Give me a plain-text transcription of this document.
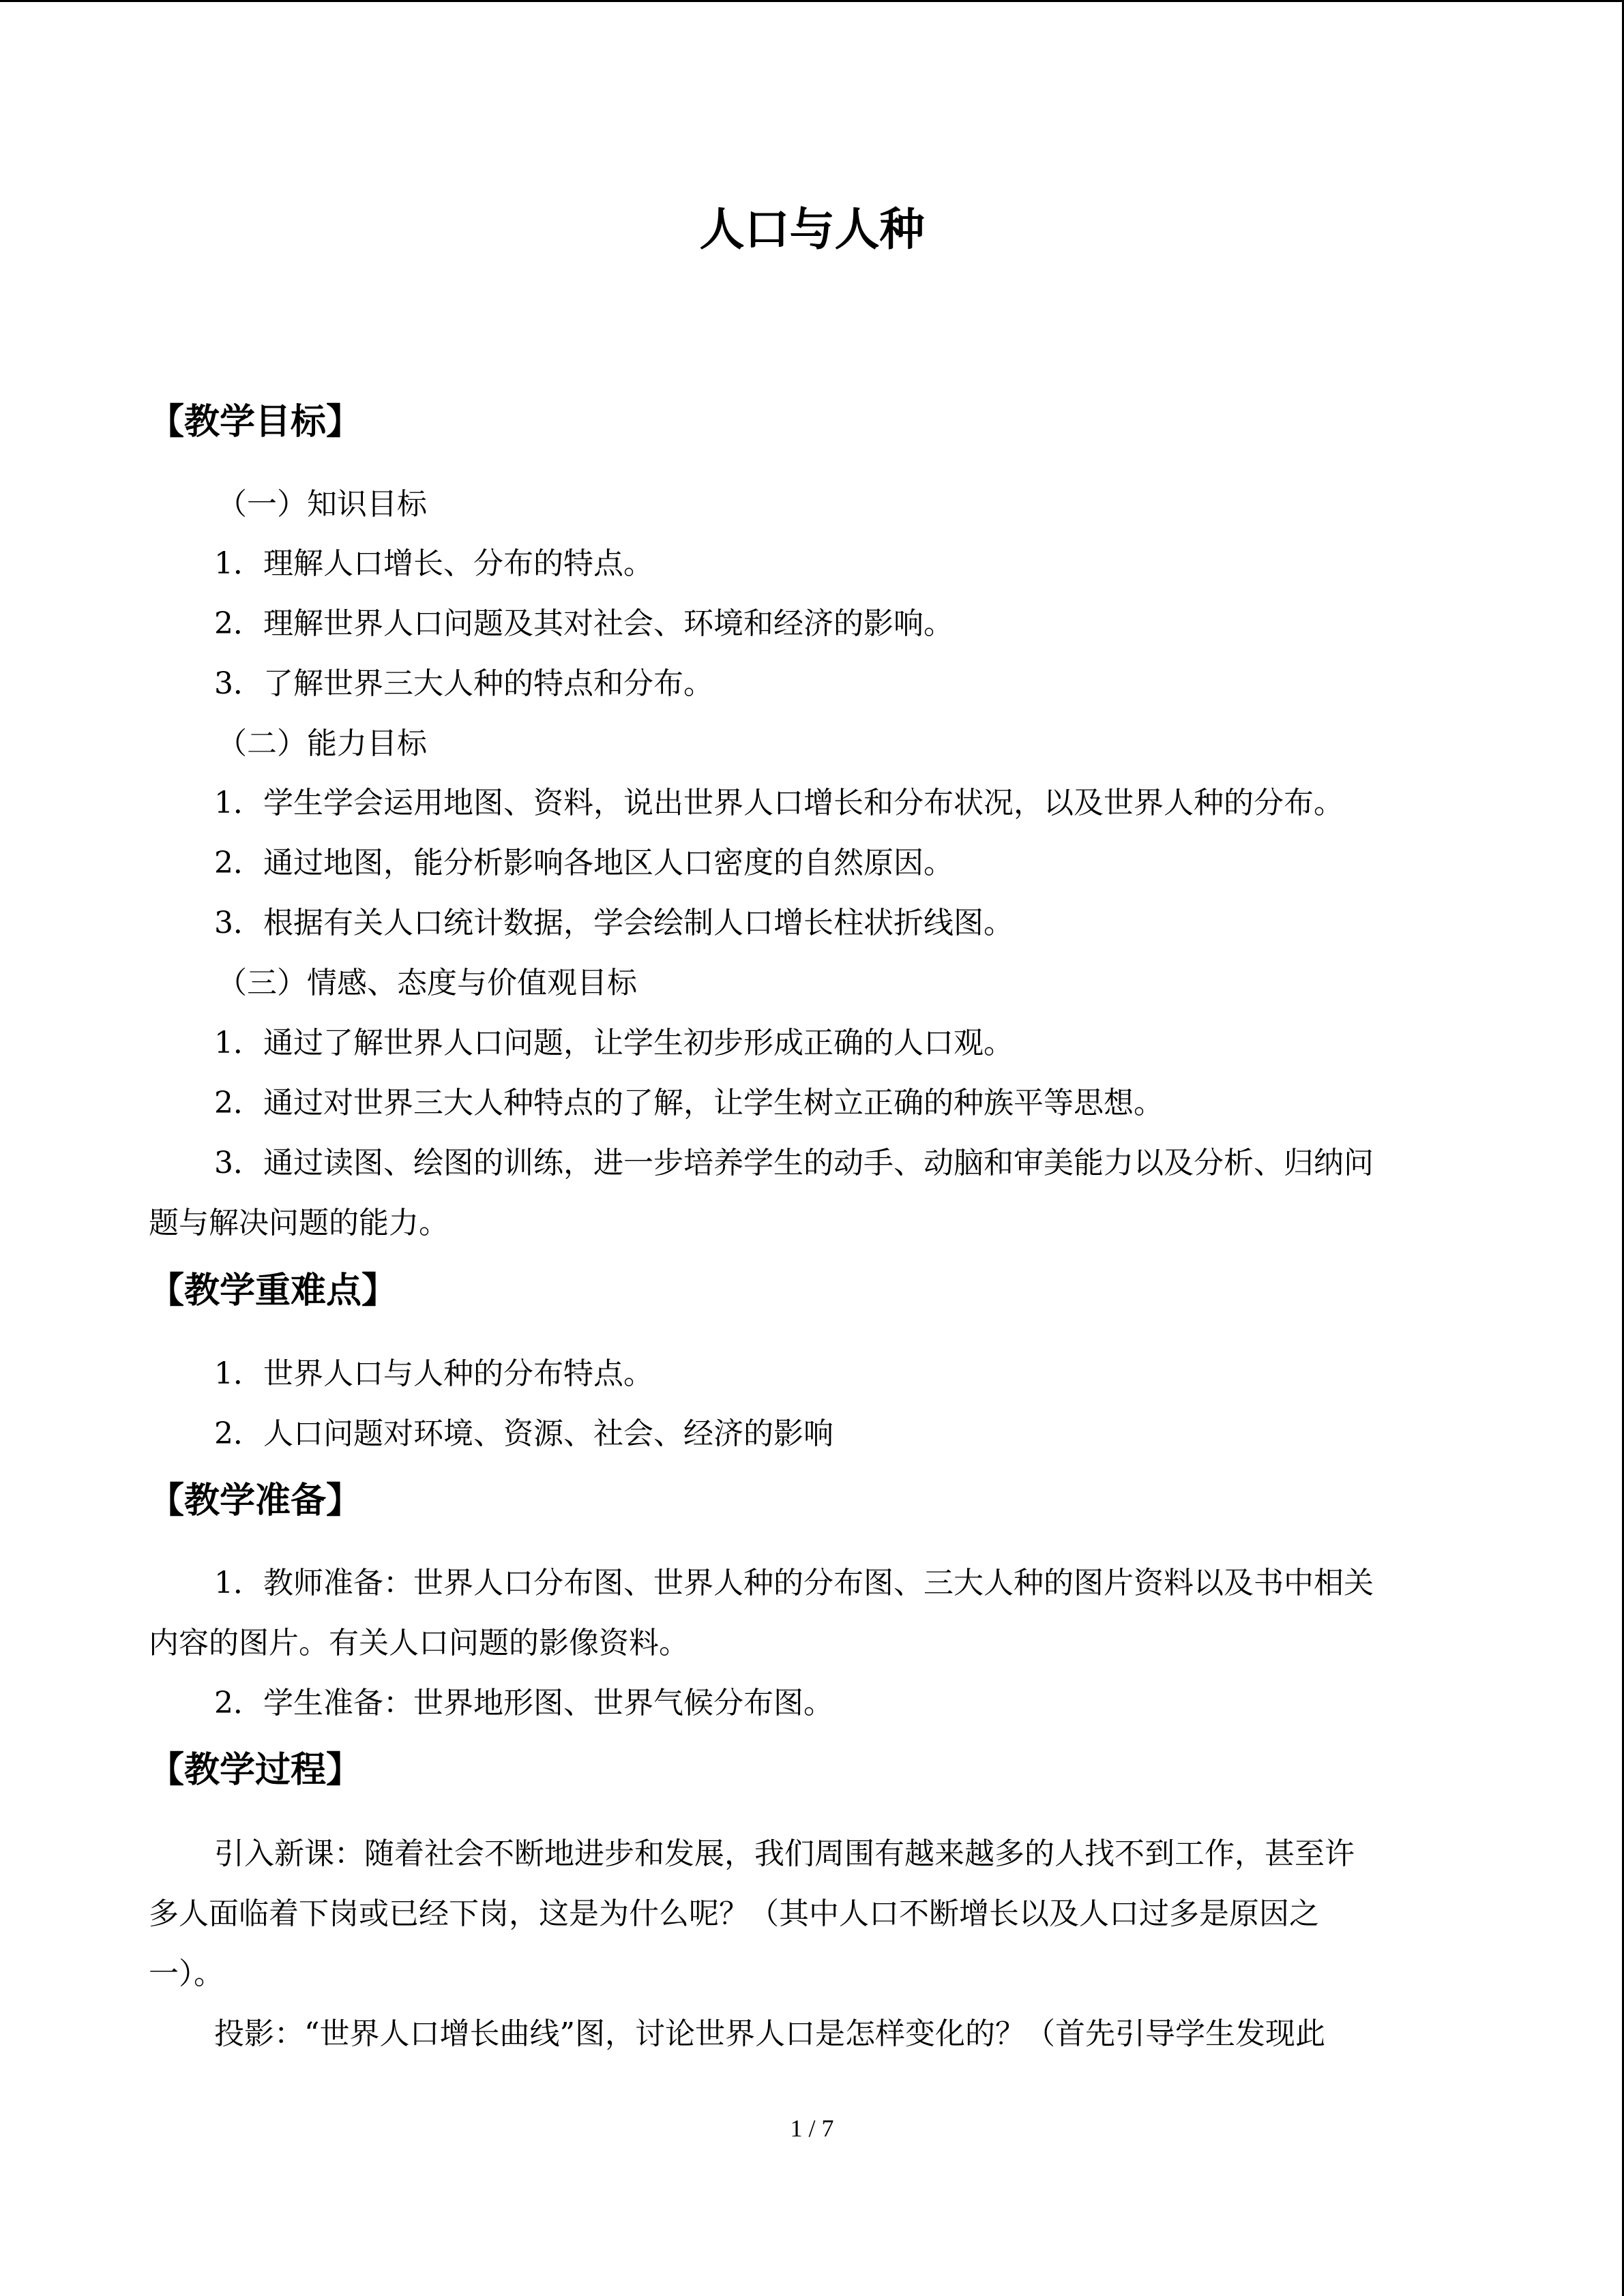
人口与人种
【教学目标】
（一）知识目标
1．理解人口增长、分布的特点。
2．理解世界人口问题及其对社会、环境和经济的影响。
3．了解世界三大人种的特点和分布。
（二）能力目标
1．学生学会运用地图、资料，说出世界人口增长和分布状况，以及世界人种的分布。
2．通过地图，能分析影响各地区人口密度的自然原因。
3．根据有关人口统计数据，学会绘制人口增长柱状折线图。
（三）情感、态度与价值观目标
1．通过了解世界人口问题，让学生初步形成正确的人口观。
2．通过对世界三大人种特点的了解，让学生树立正确的种族平等思想。
3．通过读图、绘图的训练，进一步培养学生的动手、动脑和审美能力以及分析、归纳问
题与解决问题的能力。
【教学重难点】
1．世界人口与人种的分布特点。
2．人口问题对环境、资源、社会、经济的影响
【教学准备】
1．教师准备：世界人口分布图、世界人种的分布图、三大人种的图片资料以及书中相关
内容的图片。有关人口问题的影像资料。
2．学生准备：世界地形图、世界气候分布图。
【教学过程】
引入新课：随着社会不断地进步和发展，我们周围有越来越多的人找不到工作，甚至许
多人面临着下岗或已经下岗，这是为什么呢？（其中人口不断增长以及人口过多是原因之
一）。
投影：“世界人口增长曲线”图，讨论世界人口是怎样变化的？（首先引导学生发现此
1 / 7
